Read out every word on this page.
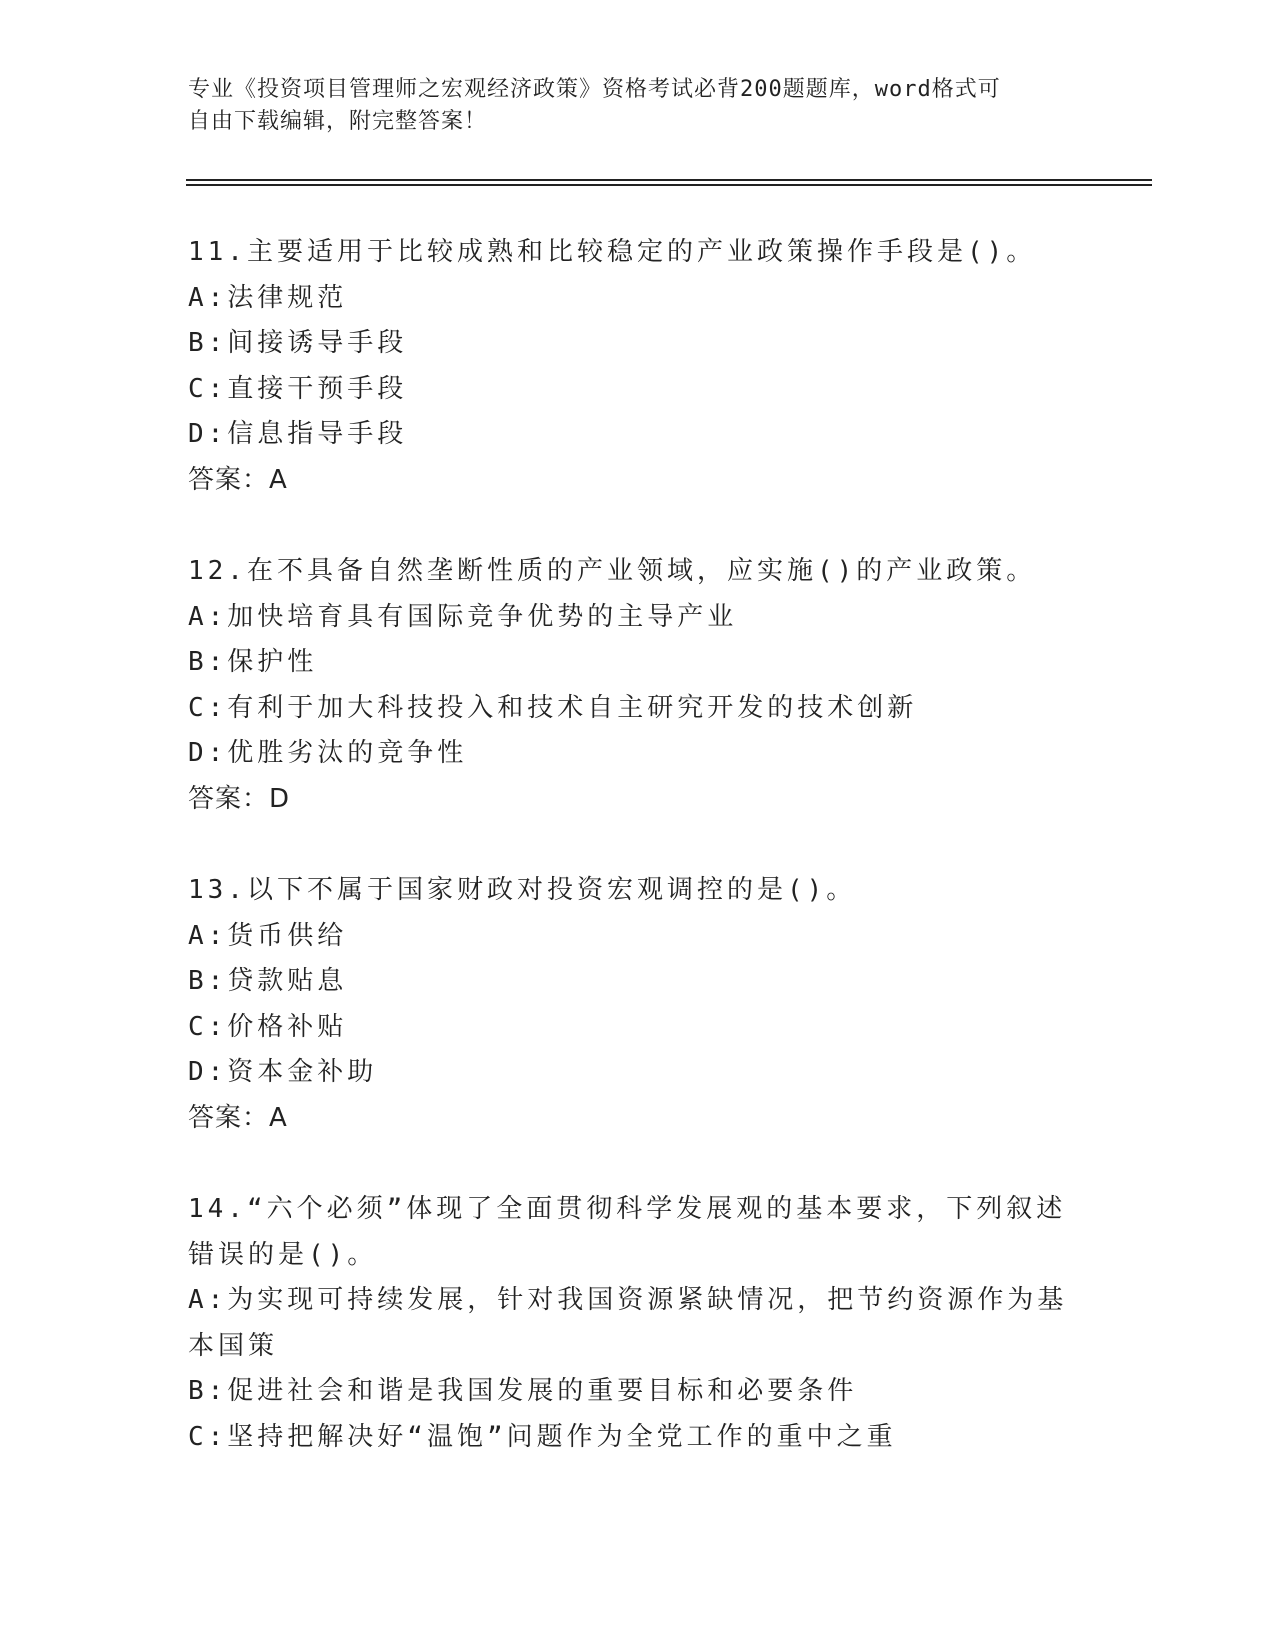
专业《投资项目管理师之宏观经济政策》资格考试必背200题题库，word格式可
自由下载编辑，附完整答案！
11.主要适用于比较成熟和比较稳定的产业政策操作手段是()。
A:法律规范
B:间接诱导手段
C:直接干预手段
D:信息指导手段
答案：A
12.在不具备自然垄断性质的产业领域，应实施()的产业政策。
A:加快培育具有国际竞争优势的主导产业
B:保护性
C:有利于加大科技投入和技术自主研究开发的技术创新
D:优胜劣汰的竞争性
答案：D
13.以下不属于国家财政对投资宏观调控的是()。
A:货币供给
B:贷款贴息
C:价格补贴
D:资本金补助
答案：A
14.“六个必须”体现了全面贯彻科学发展观的基本要求，下列叙述错误的是()。
A:为实现可持续发展，针对我国资源紧缺情况，把节约资源作为基本国策
B:促进社会和谐是我国发展的重要目标和必要条件
C:坚持把解决好“温饱”问题作为全党工作的重中之重
